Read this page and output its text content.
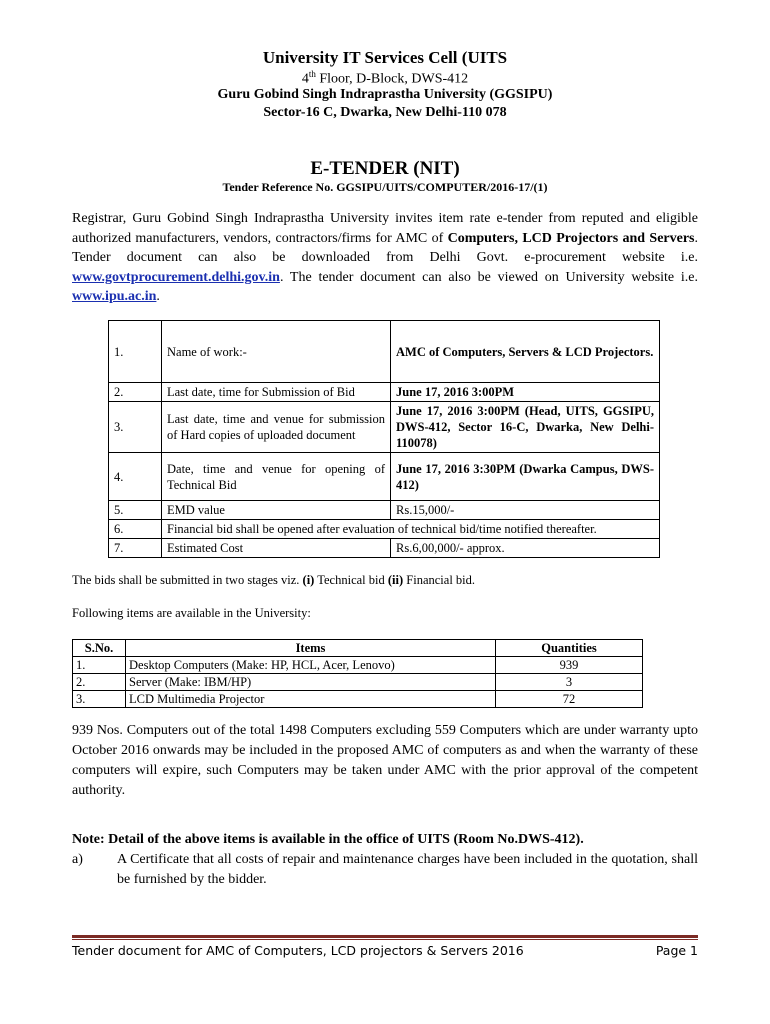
University IT Services Cell (UITS
4th Floor, D-Block, DWS-412
Guru Gobind Singh Indraprastha University (GGSIPU)
Sector-16 C, Dwarka, New Delhi-110 078
E-TENDER (NIT)
Tender Reference No. GGSIPU/UITS/COMPUTER/2016-17/(1)
Registrar, Guru Gobind Singh Indraprastha University invites item rate e-tender from reputed and eligible authorized manufacturers, vendors, contractors/firms for AMC of Computers, LCD Projectors and Servers. Tender document can also be downloaded from Delhi Govt. e-procurement website i.e. www.govtprocurement.delhi.gov.in. The tender document can also be viewed on University website i.e. www.ipu.ac.in.
1.	Name of work:-	AMC of Computers, Servers & LCD Projectors.
2.	Last date, time for Submission of Bid	June 17, 2016 3:00PM
3.	Last date, time and venue for submission of Hard copies of uploaded document	June 17, 2016 3:00PM (Head, UITS, GGSIPU, DWS-412, Sector 16-C, Dwarka, New Delhi-110078)
4.	Date, time and venue for opening of Technical Bid	June 17, 2016 3:30PM (Dwarka Campus, DWS-412)
5.	EMD value	Rs.15,000/-
6.	Financial bid shall be opened after evaluation of technical bid/time notified thereafter.	
7.	Estimated Cost	Rs.6,00,000/- approx.
The bids shall be submitted in two stages viz. (i) Technical bid (ii) Financial bid.
Following items are available in the University:
S.No.	Items	Quantities
1.	Desktop Computers (Make: HP, HCL, Acer, Lenovo)	939
2.	Server (Make: IBM/HP)	3
3.	LCD Multimedia Projector	72
939 Nos. Computers out of the total 1498 Computers excluding 559 Computers which are under warranty upto October 2016 onwards may be included in the proposed AMC of computers as and when the warranty of these computers will expire, such Computers may be taken under AMC with the prior approval of the competent authority.
Note: Detail of the above items is available in the office of UITS (Room No.DWS-412).
a) A Certificate that all costs of repair and maintenance charges have been included in the quotation, shall be furnished by the bidder.
Tender document for AMC of Computers, LCD projectors & Servers 2016	Page 1
